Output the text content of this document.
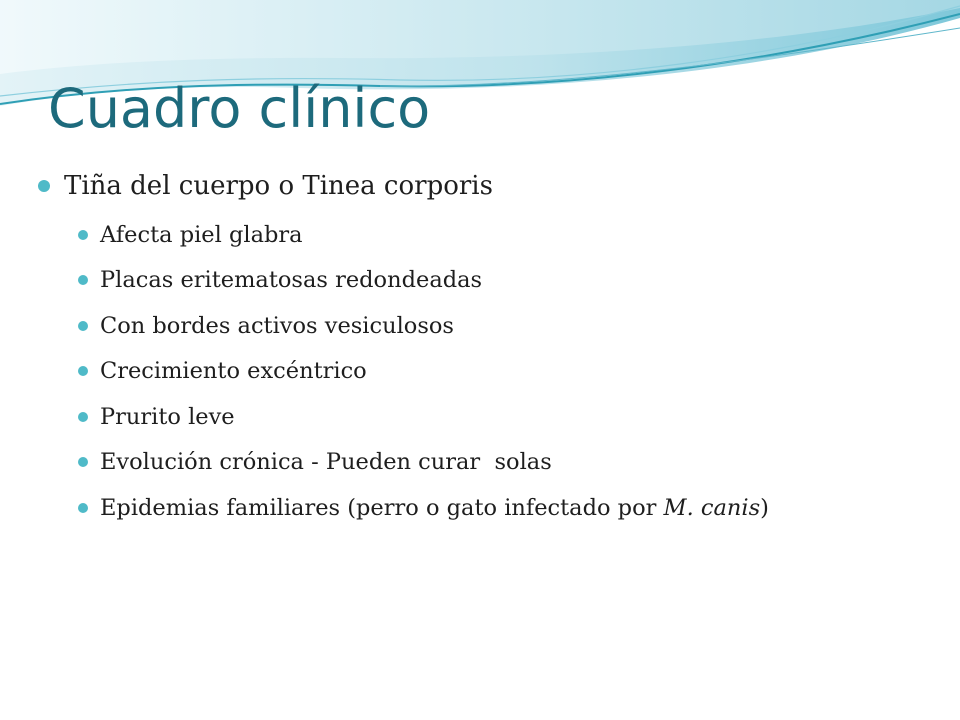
Cuadro clínico
Tiña del cuerpo o Tinea corporis
Afecta piel glabra
Placas eritematosas redondeadas
Con bordes activos vesiculosos
Crecimiento excéntrico
Prurito leve
Evolución crónica - Pueden curar  solas
Epidemias familiares (perro o gato infectado por M. canis)
